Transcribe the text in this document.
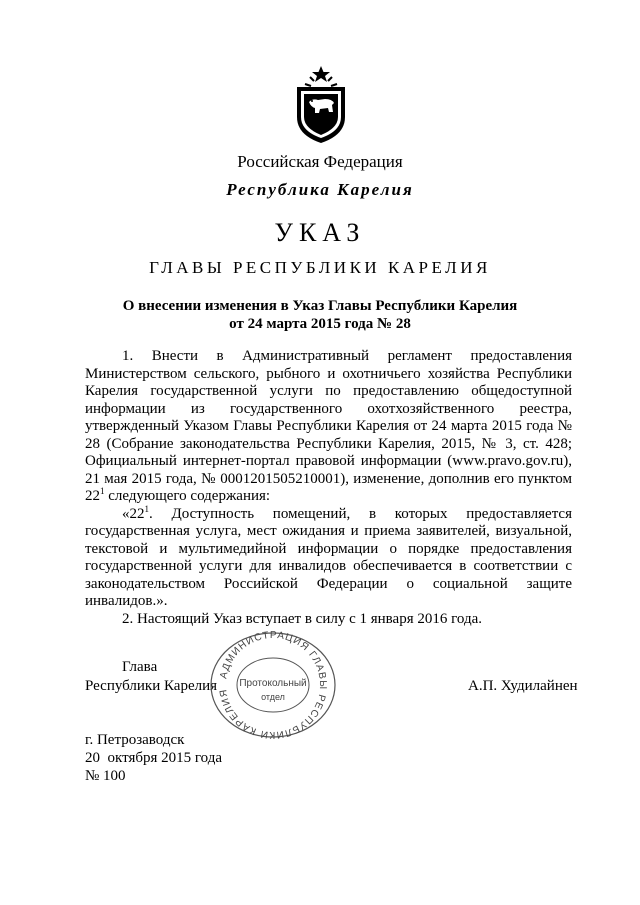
Российская Федерация
Республика Карелия
УКАЗ
ГЛАВЫ РЕСПУБЛИКИ КАРЕЛИЯ
О внесении изменения в Указ Главы Республики Карелия
от 24 марта 2015 года № 28

1. Внести в Административный регламент предоставления Министерством сельского, рыбного и охотничьего хозяйства Республики Карелия государственной услуги по предоставлению общедоступной информации из государственного охотхозяйственного реестра, утвержденный Указом Главы Республики Карелия от 24 марта 2015 года № 28 (Собрание законодательства Республики Карелия, 2015, № 3, ст. 428; Официальный интернет-портал правовой информации (www.pravo.gov.ru), 21 мая 2015 года, № 0001201505210001), изменение, дополнив его пунктом $22^1$ следующего содержания:

«$22^1$. Доступность помещений, в которых предоставляется государственная услуга, мест ожидания и приема заявителей, визуальной, текстовой и мультимедийной информации о порядке предоставления государственной услуги для инвалидов обеспечивается в соответствии с законодательством Российской Федерации о социальной защите инвалидов.».

2. Настоящий Указ вступает в силу с 1 января 2016 года.

Глава
Республики Карелия	А.П. Худилайнен
АДМИНИСТРАЦИЯ ГЛАВЫ РЕСПУБЛИКИ КАРЕЛИЯ
Протокольный
отдел
г. Петрозаводск
20  октября 2015 года
№ 100
